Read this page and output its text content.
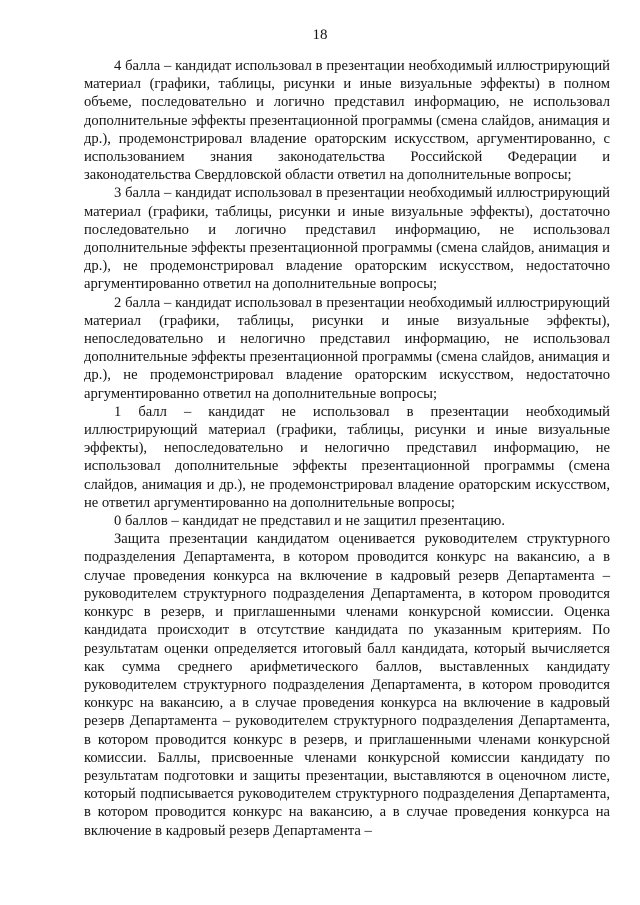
18

4 балла – кандидат использовал в презентации необходимый иллюстрирующий материал (графики, таблицы, рисунки и иные визуальные эффекты) в полном объеме, последовательно и логично представил информацию, не использовал дополнительные эффекты презентационной программы (смена слайдов, анимация и др.), продемонстрировал владение ораторским искусством, аргументированно, с использованием знания законодательства Российской Федерации и законодательства Свердловской области ответил на дополнительные вопросы;

3 балла – кандидат использовал в презентации необходимый иллюстрирующий материал (графики, таблицы, рисунки и иные визуальные эффекты), достаточно последовательно и логично представил информацию, не использовал дополнительные эффекты презентационной программы (смена слайдов, анимация и др.), не продемонстрировал владение ораторским искусством, недостаточно аргументированно ответил на дополнительные вопросы;

2 балла – кандидат использовал в презентации необходимый иллюстрирующий материал (графики, таблицы, рисунки и иные визуальные эффекты), непоследовательно и нелогично представил информацию, не использовал дополнительные эффекты презентационной программы (смена слайдов, анимация и др.), не продемонстрировал владение ораторским искусством, недостаточно аргументированно ответил на дополнительные вопросы;

1 балл – кандидат не использовал в презентации необходимый иллюстрирующий материал (графики, таблицы, рисунки и иные визуальные эффекты), непоследовательно и нелогично представил информацию, не использовал дополнительные эффекты презентационной программы (смена слайдов, анимация и др.), не продемонстрировал владение ораторским искусством, не ответил аргументированно на дополнительные вопросы;

0 баллов – кандидат не представил и не защитил презентацию.

Защита презентации кандидатом оценивается руководителем структурного подразделения Департамента, в котором проводится конкурс на вакансию, а в случае проведения конкурса на включение в кадровый резерв Департамента – руководителем структурного подразделения Департамента, в котором проводится конкурс в резерв, и приглашенными членами конкурсной комиссии. Оценка кандидата происходит в отсутствие кандидата по указанным критериям. По результатам оценки определяется итоговый балл кандидата, который вычисляется как сумма среднего арифметического баллов, выставленных кандидату руководителем структурного подразделения Департамента, в котором проводится конкурс на вакансию, а в случае проведения конкурса на включение в кадровый резерв Департамента – руководителем структурного подразделения Департамента, в котором проводится конкурс в резерв, и приглашенными членами конкурсной комиссии. Баллы, присвоенные членами конкурсной комиссии кандидату по результатам подготовки и защиты презентации, выставляются в оценочном листе, который подписывается руководителем структурного подразделения Департамента, в котором проводится конкурс на вакансию, а в случае проведения конкурса на включение в кадровый резерв Департамента –
